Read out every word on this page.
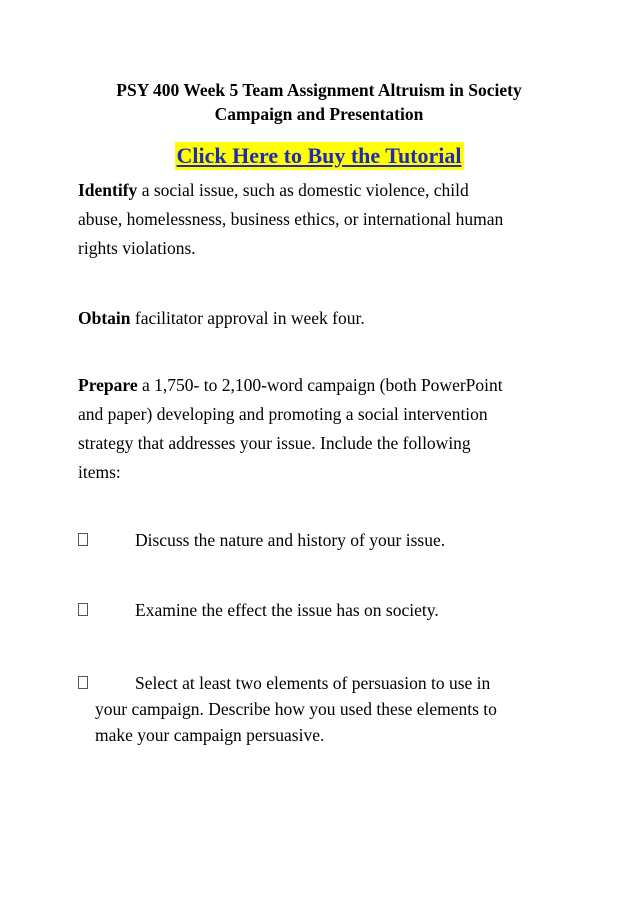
PSY 400 Week 5 Team Assignment Altruism in Society
Campaign and Presentation
Click Here to Buy the Tutorial
Identify a social issue, such as domestic violence, child
abuse, homelessness, business ethics, or international human
rights violations.
Obtain facilitator approval in week four.
Prepare a 1,750- to 2,100-word campaign (both PowerPoint
and paper) developing and promoting a social intervention
strategy that addresses your issue. Include the following
items:
Discuss the nature and history of your issue.
Examine the effect the issue has on society.
Select at least two elements of persuasion to use in
your campaign. Describe how you used these elements to
make your campaign persuasive.
